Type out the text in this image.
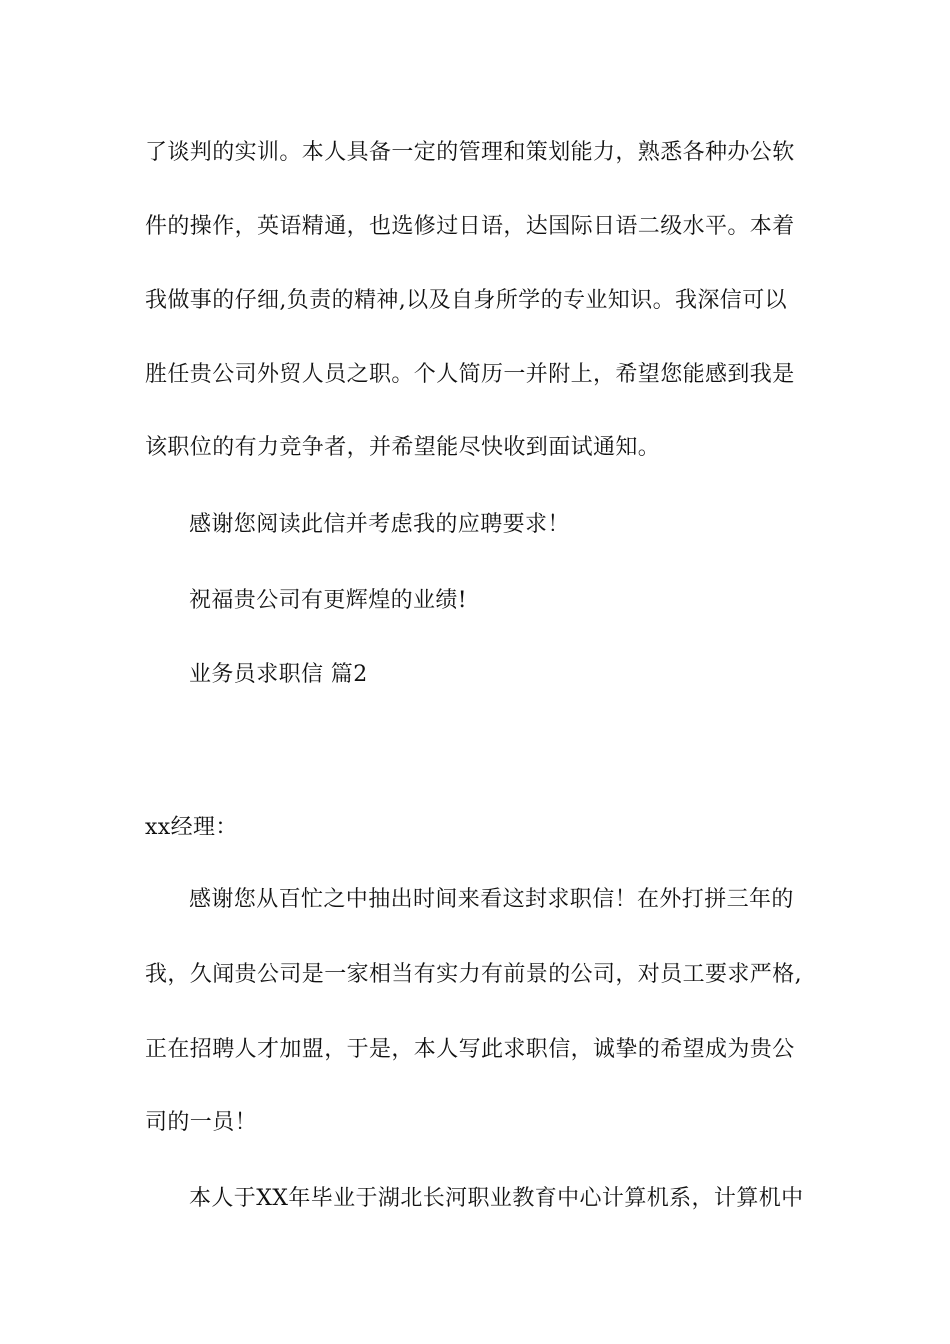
了谈判的实训。本人具备一定的管理和策划能力，熟悉各种办公软
件的操作，英语精通，也选修过日语，达国际日语二级水平。本着
我做事的仔细,负责的精神,以及自身所学的专业知识。我深信可以
胜任贵公司外贸人员之职。个人简历一并附上，希望您能感到我是
该职位的有力竞争者，并希望能尽快收到面试通知。
感谢您阅读此信并考虑我的应聘要求！
祝福贵公司有更辉煌的业绩!
业务员求职信 篇2
xx经理：
感谢您从百忙之中抽出时间来看这封求职信！在外打拼三年的
我，久闻贵公司是一家相当有实力有前景的公司，对员工要求严格,
正在招聘人才加盟，于是，本人写此求职信，诚挚的希望成为贵公
司的一员！
本人于XX年毕业于湖北长河职业教育中心计算机系，计算机中
